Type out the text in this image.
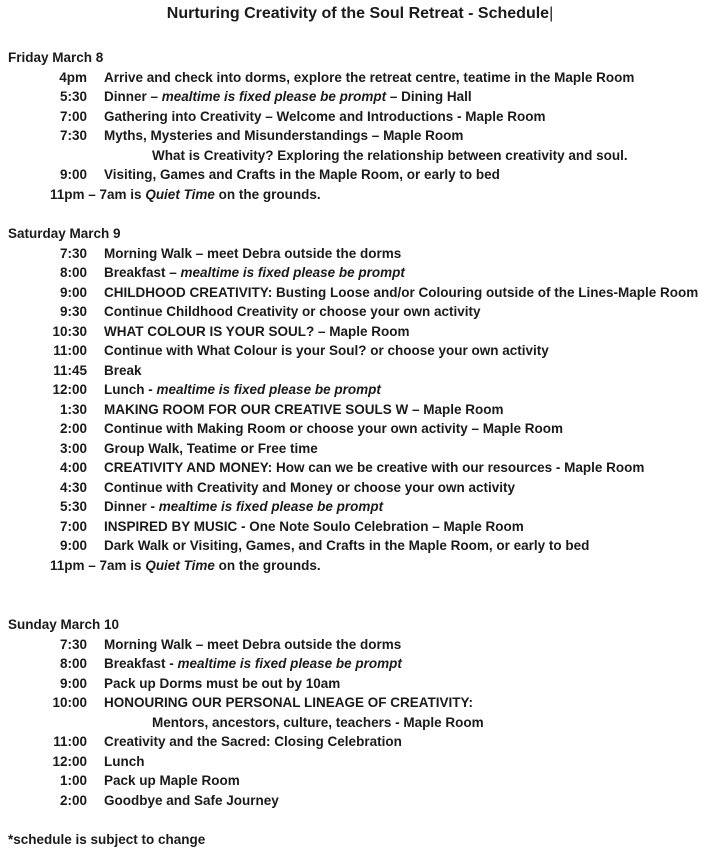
Nurturing Creativity of the Soul Retreat - Schedule|
Friday March 8
4pm Arrive and check into dorms, explore the retreat centre, teatime in the Maple Room
5:30 Dinner – mealtime is fixed please be prompt – Dining Hall
7:00 Gathering into Creativity – Welcome and Introductions - Maple Room
7:30 Myths, Mysteries and Misunderstandings – Maple Room
What is Creativity? Exploring the relationship between creativity and soul.
9:00 Visiting, Games and Crafts in the Maple Room, or early to bed
11pm – 7am is Quiet Time on the grounds.
Saturday March 9
7:30 Morning Walk – meet Debra outside the dorms
8:00 Breakfast – mealtime is fixed please be prompt
9:00 CHILDHOOD CREATIVITY: Busting Loose and/or Colouring outside of the Lines-Maple Room
9:30 Continue Childhood Creativity or choose your own activity
10:30 WHAT COLOUR IS YOUR SOUL? – Maple Room
11:00 Continue with What Colour is your Soul? or choose your own activity
11:45 Break
12:00 Lunch - mealtime is fixed please be prompt
1:30 MAKING ROOM FOR OUR CREATIVE SOULS W – Maple Room
2:00 Continue with Making Room or choose your own activity – Maple Room
3:00 Group Walk, Teatime or Free time
4:00 CREATIVITY AND MONEY: How can we be creative with our resources - Maple Room
4:30 Continue with Creativity and Money or choose your own activity
5:30 Dinner - mealtime is fixed please be prompt
7:00 INSPIRED BY MUSIC - One Note Soulo Celebration – Maple Room
9:00 Dark Walk or Visiting, Games, and Crafts in the Maple Room, or early to bed
11pm – 7am is Quiet Time on the grounds.
Sunday March 10
7:30 Morning Walk – meet Debra outside the dorms
8:00 Breakfast - mealtime is fixed please be prompt
9:00 Pack up Dorms must be out by 10am
10:00 HONOURING OUR PERSONAL LINEAGE OF CREATIVITY:
Mentors, ancestors, culture, teachers - Maple Room
11:00 Creativity and the Sacred: Closing Celebration
12:00 Lunch
1:00 Pack up Maple Room
2:00 Goodbye and Safe Journey
*schedule is subject to change
